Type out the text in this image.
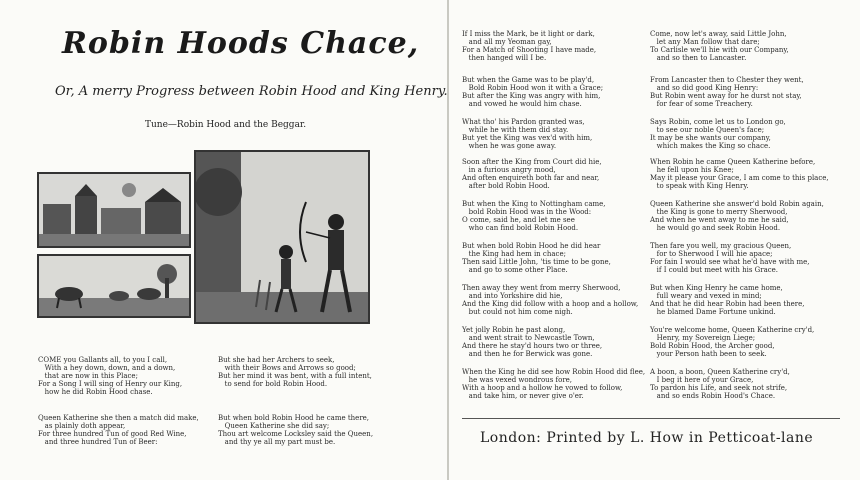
Robin Hoods Chace,
Or, A merry Progress between Robin Hood and King Henry.
Tune—Robin Hood and the Beggar.
COME you Gallants all, to you I call,
With a hey down, down, and a down,
that are now in this Place;
For a Song I will sing of Henry our King,
how he did Robin Hood chase.
But she had her Archers to seek,
with their Bows and Arrows so good;
But her mind it was bent, with a full intent,
to send for bold Robin Hood.
Queen Katherine she then a match did make,
as plainly doth appear,
For three hundred Tun of good Red Wine,
and three hundred Tun of Beer:
But when bold Robin Hood he came there,
Queen Katherine she did say;
Thou art welcome Locksley said the Queen,
and thy ye all my part must be.
If I miss the Mark, be it light or dark,
and all my Yeoman gay,
For a Match of Shooting I have made,
then hanged will I be.
But when the Game was to be play'd,
Bold Robin Hood won it with a Grace;
But after the King was angry with him,
and vowed he would him chase.
What tho' his Pardon granted was,
while he with them did stay.
But yet the King was vex'd with him,
when he was gone away.
Soon after the King from Court did hie,
in a furious angry mood,
And often enquireth both far and near,
after bold Robin Hood.
But when the King to Nottingham came,
bold Robin Hood was in the Wood:
O come, said he, and let me see
who can find bold Robin Hood.
But when bold Robin Hood he did hear
the King had hem in chace;
Then said Little John, 'tis time to be gone,
and go to some other Place.
Then away they went from merry Sherwood,
and into Yorkshire did hie,
And the King did follow with a hoop and a hollow,
but could not him come nigh.
Yet jolly Robin he past along,
and went strait to Newcastle Town,
And there he stay'd hours two or three,
and then he for Berwick was gone.
When the King he did see how Robin Hood did flee,
he was vexed wondrous fore,
With a hoop and a hollow he vowed to follow,
and take him, or never give o'er.
Come, now let's away, said Little John,
let any Man follow that dare;
To Carlisle we'll hie with our Company,
and so then to Lancaster.
From Lancaster then to Chester they went,
and so did good King Henry:
But Robin went away for he durst not stay,
for fear of some Treachery.
Says Robin, come let us to London go,
to see our noble Queen's face;
It may be she wants our company,
which makes the King so chace.
When Robin he came Queen Katherine before,
he fell upon his Knee;
May it please your Grace, I am come to this place,
to speak with King Henry.
Queen Katherine she answer'd bold Robin again,
the King is gone to merry Sherwood,
And when he went away to me he said,
he would go and seek Robin Hood.
Then fare you well, my gracious Queen,
for to Sherwood I will hie apace;
For fain I would see what he'd have with me,
if I could but meet with his Grace.
But when King Henry he came home,
full weary and vexed in mind;
And that he did hear Robin had been there,
he blamed Dame Fortune unkind.
You're welcome home, Queen Katherine cry'd,
Henry, my Sovereign Liege;
Bold Robin Hood, the Archer good,
your Person hath been to seek.
A boon, a boon, Queen Katherine cry'd,
I beg it here of your Grace,
To pardon his Life, and seek not strife,
and so ends Robin Hood's Chace.
London: Printed by L. How in Petticoat-lane
